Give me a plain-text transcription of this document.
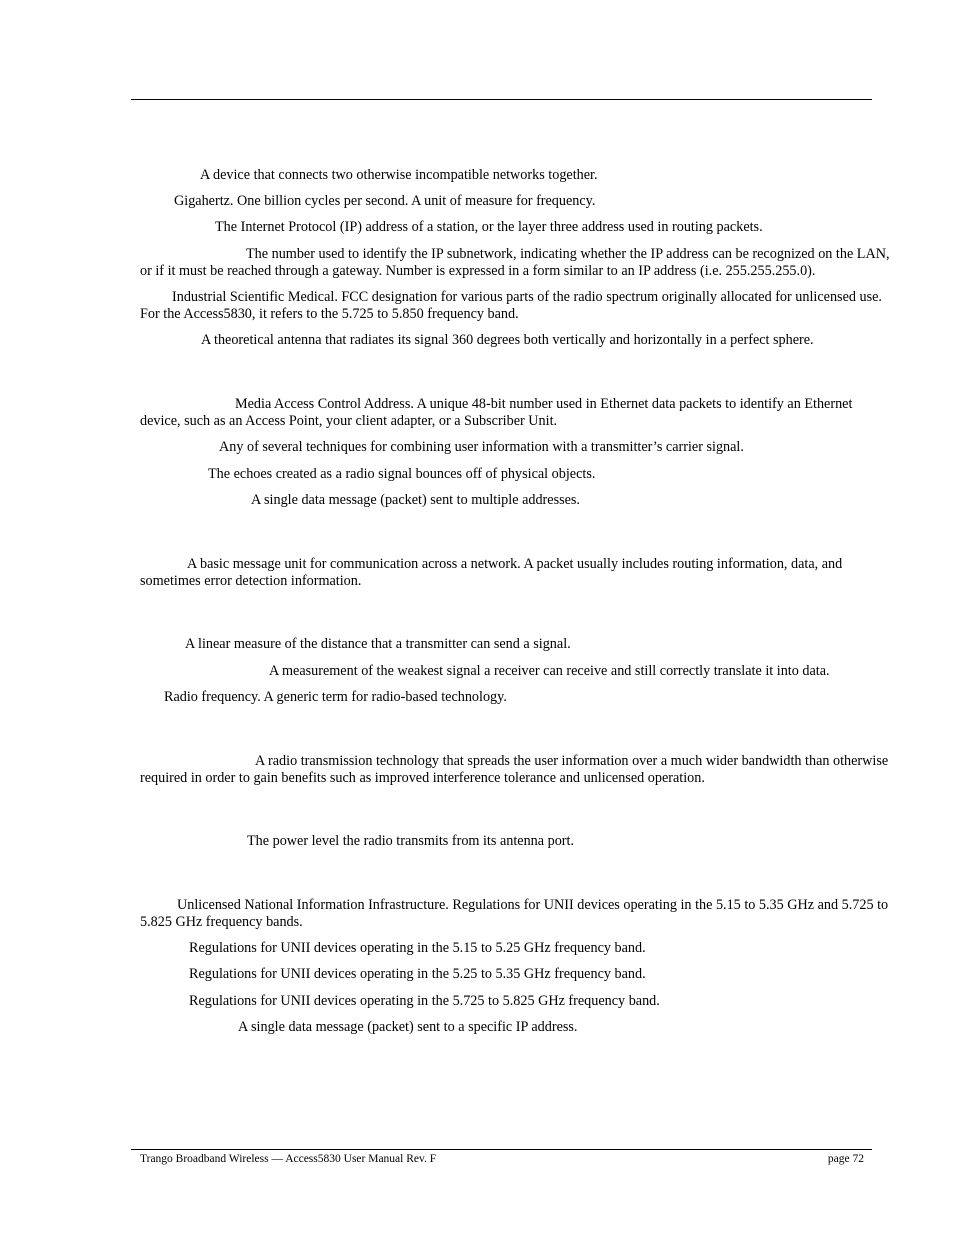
A device that connects two otherwise incompatible networks together.

Gigahertz. One billion cycles per second. A unit of measure for frequency.

The Internet Protocol (IP) address of a station, or the layer three address used in routing packets.

The number used to identify the IP subnetwork, indicating whether the IP address can be recognized on the LAN, or if it must be reached through a gateway. Number is expressed in a form similar to an IP address (i.e. 255.255.255.0).

Industrial Scientific Medical. FCC designation for various parts of the radio spectrum originally allocated for unlicensed use. For the Access5830, it refers to the 5.725 to 5.850 frequency band.

A theoretical antenna that radiates its signal 360 degrees both vertically and horizontally in a perfect sphere.

Media Access Control Address. A unique 48-bit number used in Ethernet data packets to identify an Ethernet device, such as an Access Point, your client adapter, or a Subscriber Unit.

Any of several techniques for combining user information with a transmitter’s carrier signal.

The echoes created as a radio signal bounces off of physical objects.

A single data message (packet) sent to multiple addresses.

A basic message unit for communication across a network. A packet usually includes routing information, data, and sometimes error detection information.

A linear measure of the distance that a transmitter can send a signal.

A measurement of the weakest signal a receiver can receive and still correctly translate it into data.

Radio frequency. A generic term for radio-based technology.

A radio transmission technology that spreads the user information over a much wider bandwidth than otherwise required in order to gain benefits such as improved interference tolerance and unlicensed operation.

The power level the radio transmits from its antenna port.

Unlicensed National Information Infrastructure. Regulations for UNII devices operating in the 5.15 to 5.35 GHz and 5.725 to 5.825 GHz frequency bands.

Regulations for UNII devices operating in the 5.15 to 5.25 GHz frequency band.

Regulations for UNII devices operating in the 5.25 to 5.35 GHz frequency band.

Regulations for UNII devices operating in the 5.725 to 5.825 GHz frequency band.

A single data message (packet) sent to a specific IP address.

Trango Broadband Wireless — Access5830 User Manual Rev. F	page 72
